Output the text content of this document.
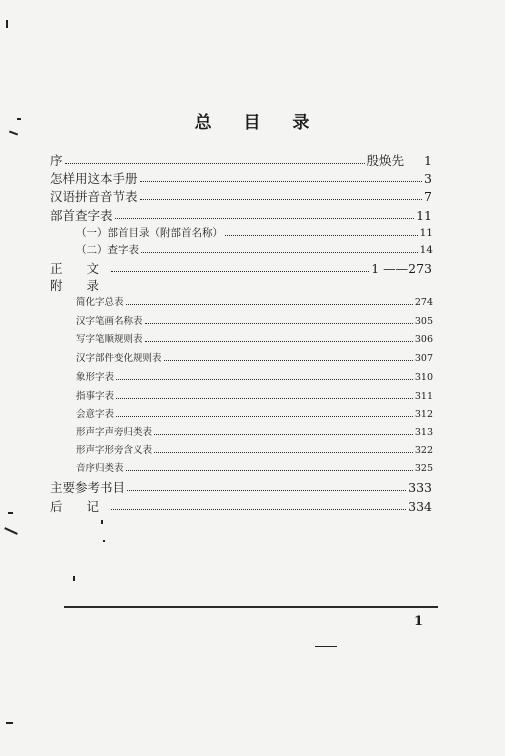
总 目 录
序	殷焕先 1
怎样用这本手册	3
汉语拼音音节表	7
部首查字表	11
（一）部首目录（附部首名称）	11
（二）查字表	14
正 文	1 ——273
附 录
简化字总表	274
汉字笔画名称表	305
写字笔顺规则表	306
汉字部件变化规则表	307
象形字表	310
指事字表	311
会意字表	312
形声字声旁归类表	313
形声字形旁含义表	322
音序归类表	325
主要参考书目	333
后 记	334
1
